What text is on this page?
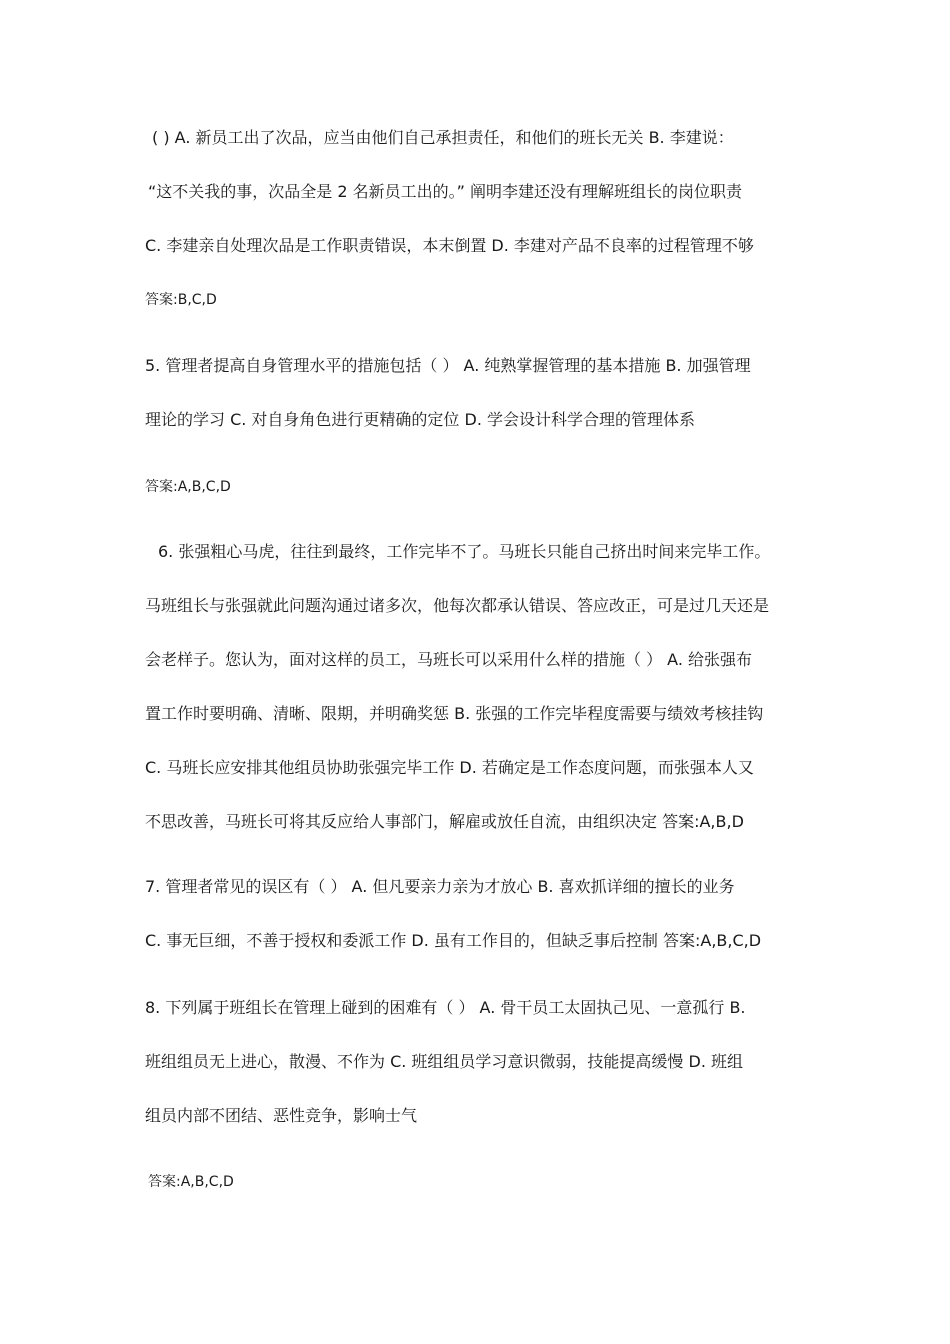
( ) A. 新员工出了次品，应当由他们自己承担责任，和他们的班长无关 B. 李建说：
“这不关我的事，次品全是 2 名新员工出的。” 阐明李建还没有理解班组长的岗位职责
C. 李建亲自处理次品是工作职责错误，本末倒置 D. 李建对产品不良率的过程管理不够
答案:B,C,D
5. 管理者提高自身管理水平的措施包括（ ） A. 纯熟掌握管理的基本措施 B. 加强管理
理论的学习 C. 对自身角色进行更精确的定位 D. 学会设计科学合理的管理体系
答案:A,B,C,D
6. 张强粗心马虎，往往到最终，工作完毕不了。马班长只能自己挤出时间来完毕工作。
马班组长与张强就此问题沟通过诸多次，他每次都承认错误、答应改正，可是过几天还是
会老样子。您认为，面对这样的员工，马班长可以采用什么样的措施（ ） A. 给张强布
置工作时要明确、清晰、限期，并明确奖惩 B. 张强的工作完毕程度需要与绩效考核挂钩
C. 马班长应安排其他组员协助张强完毕工作 D. 若确定是工作态度问题，而张强本人又
不思改善，马班长可将其反应给人事部门，解雇或放任自流，由组织决定 答案:A,B,D
7. 管理者常见的误区有（ ） A. 但凡要亲力亲为才放心 B. 喜欢抓详细的擅长的业务
C. 事无巨细，不善于授权和委派工作 D. 虽有工作目的，但缺乏事后控制 答案:A,B,C,D
8. 下列属于班组长在管理上碰到的困难有（ ） A. 骨干员工太固执己见、一意孤行 B.
班组组员无上进心，散漫、不作为 C. 班组组员学习意识微弱，技能提高缓慢 D. 班组
组员内部不团结、恶性竞争，影响士气
答案:A,B,C,D
